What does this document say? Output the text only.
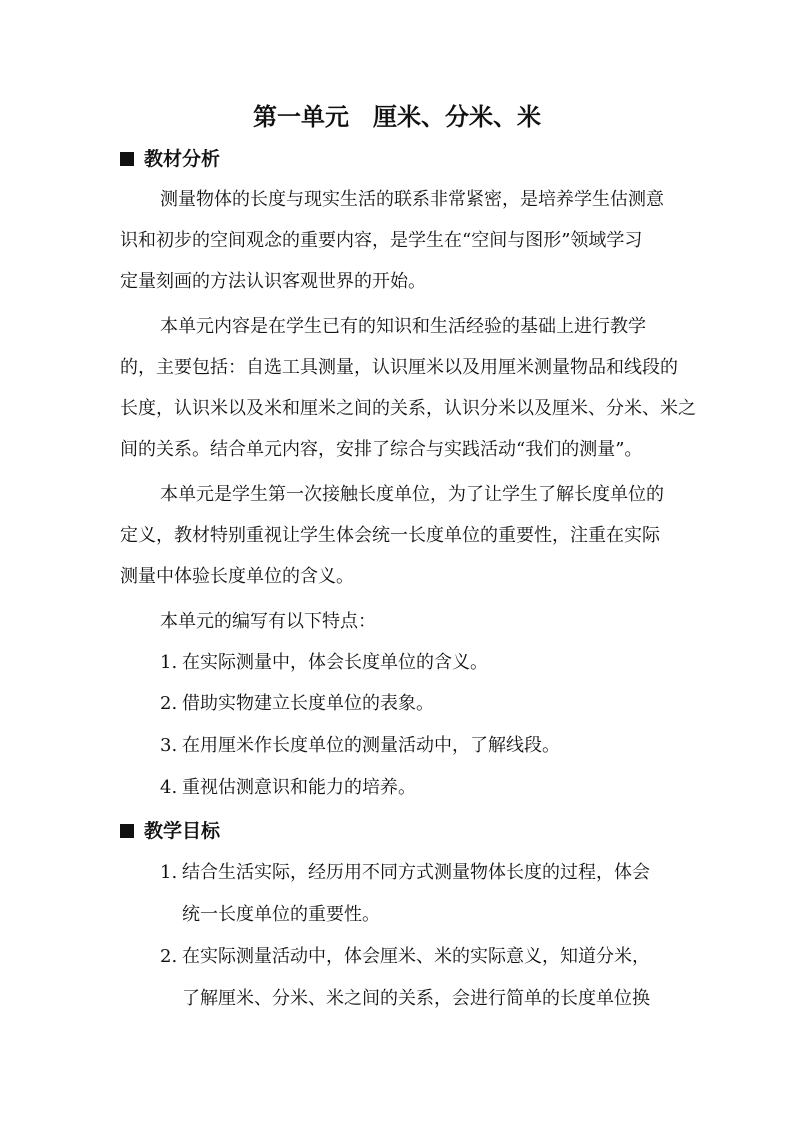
第一单元 厘米、分米、米
教材分析
测量物体的长度与现实生活的联系非常紧密，是培养学生估测意
识和初步的空间观念的重要内容，是学生在“空间与图形”领域学习
定量刻画的方法认识客观世界的开始。
本单元内容是在学生已有的知识和生活经验的基础上进行教学
的，主要包括：自选工具测量，认识厘米以及用厘米测量物品和线段的
长度，认识米以及米和厘米之间的关系，认识分米以及厘米、分米、米之
间的关系。结合单元内容，安排了综合与实践活动“我们的测量”。
本单元是学生第一次接触长度单位，为了让学生了解长度单位的
定义，教材特别重视让学生体会统一长度单位的重要性，注重在实际
测量中体验长度单位的含义。
本单元的编写有以下特点：
1. 在实际测量中，体会长度单位的含义。
2. 借助实物建立长度单位的表象。
3. 在用厘米作长度单位的测量活动中，了解线段。
4. 重视估测意识和能力的培养。
教学目标
1. 结合生活实际，经历用不同方式测量物体长度的过程，体会
统一长度单位的重要性。
2. 在实际测量活动中，体会厘米、米的实际意义，知道分米，
了解厘米、分米、米之间的关系，会进行简单的长度单位换
